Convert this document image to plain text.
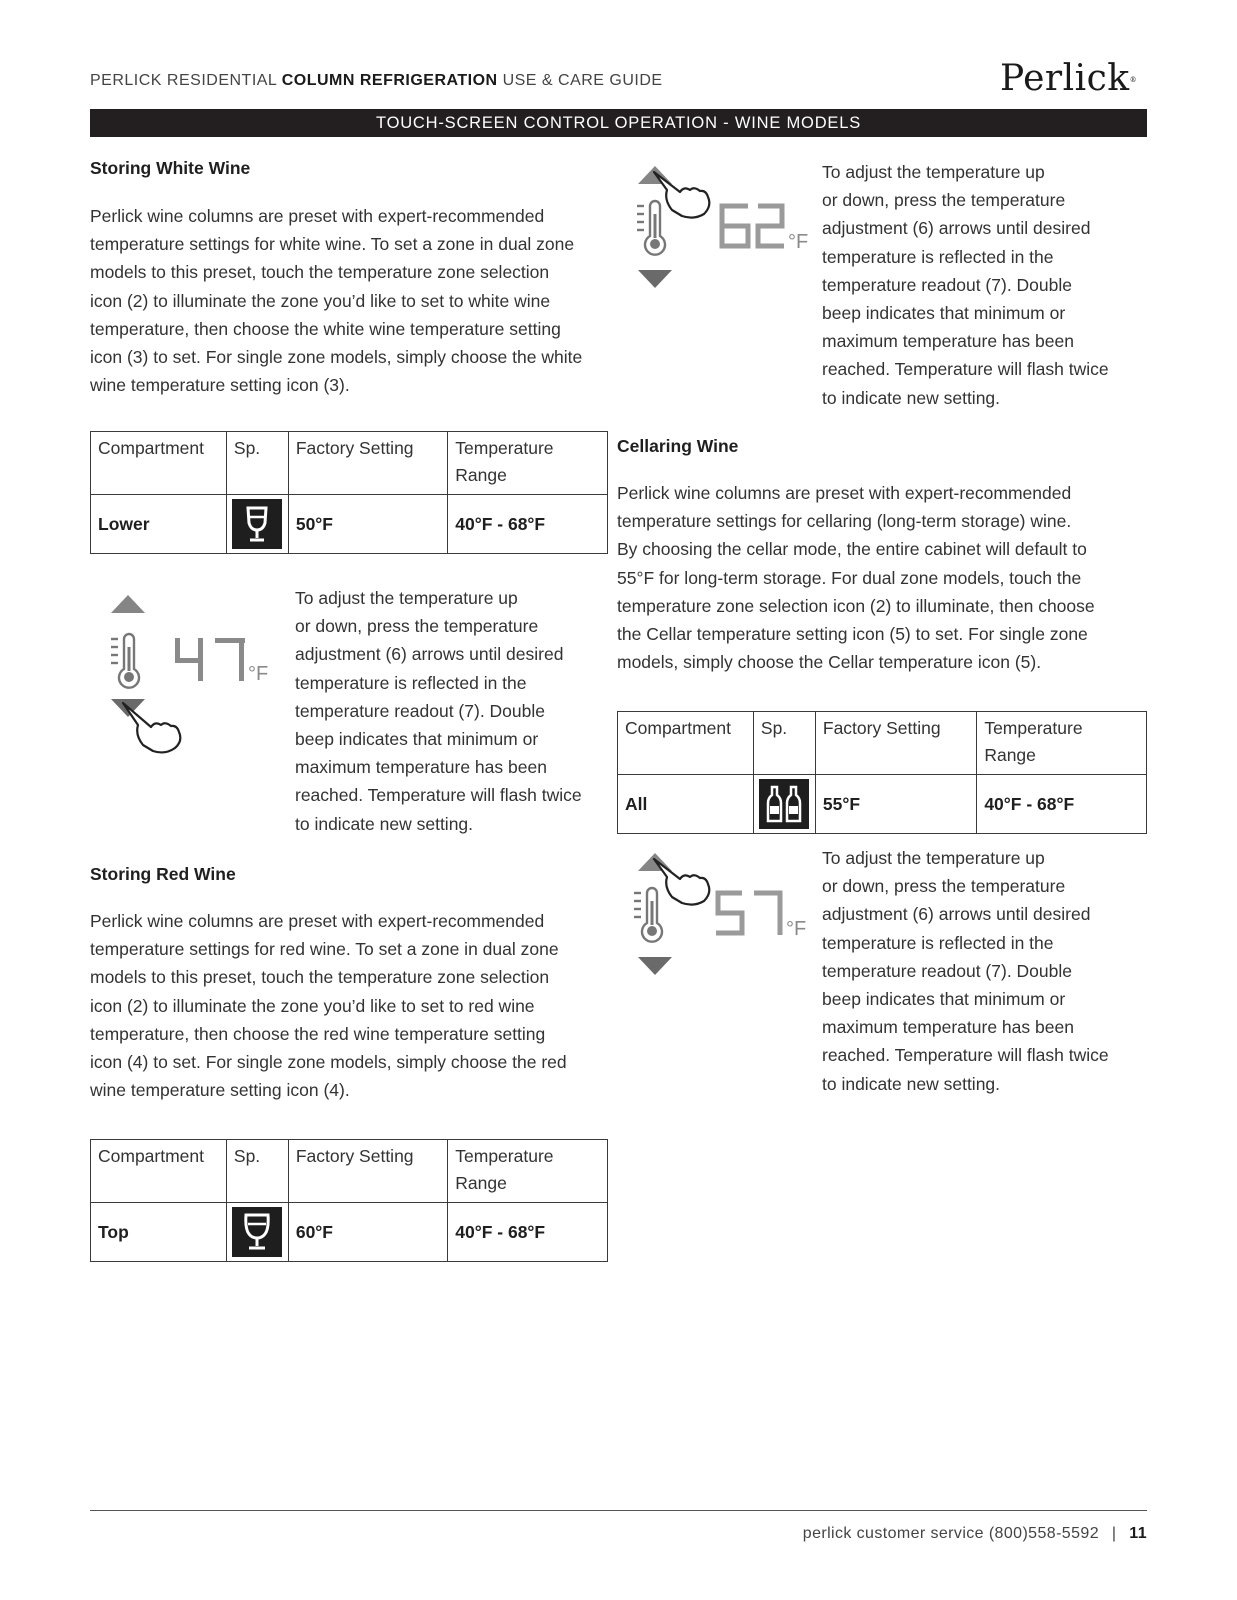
PERLICK RESIDENTIAL COLUMN REFRIGERATION USE & CARE GUIDE	Perlick®
TOUCH-SCREEN CONTROL OPERATION - WINE MODELS
Storing White Wine
Perlick wine columns are preset with expert-recommended
temperature settings for white wine. To set a zone in dual zone
models to this preset, touch the temperature zone selection
icon (2) to illuminate the zone you’d like to set to white wine
temperature, then choose the white wine temperature setting
icon (3) to set. For single zone models, simply choose the white
wine temperature setting icon (3).
Compartment	Sp.	Factory Setting	Temperature
Range

Lower		50°F	40°F - 68°F
°F
To adjust the temperature up
or down, press the temperature
adjustment (6) arrows until desired
temperature is reflected in the
temperature readout (7). Double
beep indicates that minimum or
maximum temperature has been
reached. Temperature will flash twice
to indicate new setting.
Storing Red Wine
Perlick wine columns are preset with expert-recommended
temperature settings for red wine. To set a zone in dual zone
models to this preset, touch the temperature zone selection
icon (2) to illuminate the zone you’d like to set to red wine
temperature, then choose the red wine temperature setting
icon (4) to set. For single zone models, simply choose the red
wine temperature setting icon (4).
Compartment	Sp.	Factory Setting	Temperature
Range

Top		60°F	40°F - 68°F
°F
To adjust the temperature up
or down, press the temperature
adjustment (6) arrows until desired
temperature is reflected in the
temperature readout (7). Double
beep indicates that minimum or
maximum temperature has been
reached. Temperature will flash twice
to indicate new setting.
Cellaring Wine
Perlick wine columns are preset with expert-recommended
temperature settings for cellaring (long-term storage) wine.
By choosing the cellar mode, the entire cabinet will default to
55°F for long-term storage. For dual zone models, touch the
temperature zone selection icon (2) to illuminate, then choose
the Cellar temperature setting icon (5) to set. For single zone
models, simply choose the Cellar temperature icon (5).
Compartment	Sp.	Factory Setting	Temperature
Range

All		55°F	40°F - 68°F
°F
To adjust the temperature up
or down, press the temperature
adjustment (6) arrows until desired
temperature is reflected in the
temperature readout (7). Double
beep indicates that minimum or
maximum temperature has been
reached. Temperature will flash twice
to indicate new setting.
perlick customer service (800)558-5592 | 11
